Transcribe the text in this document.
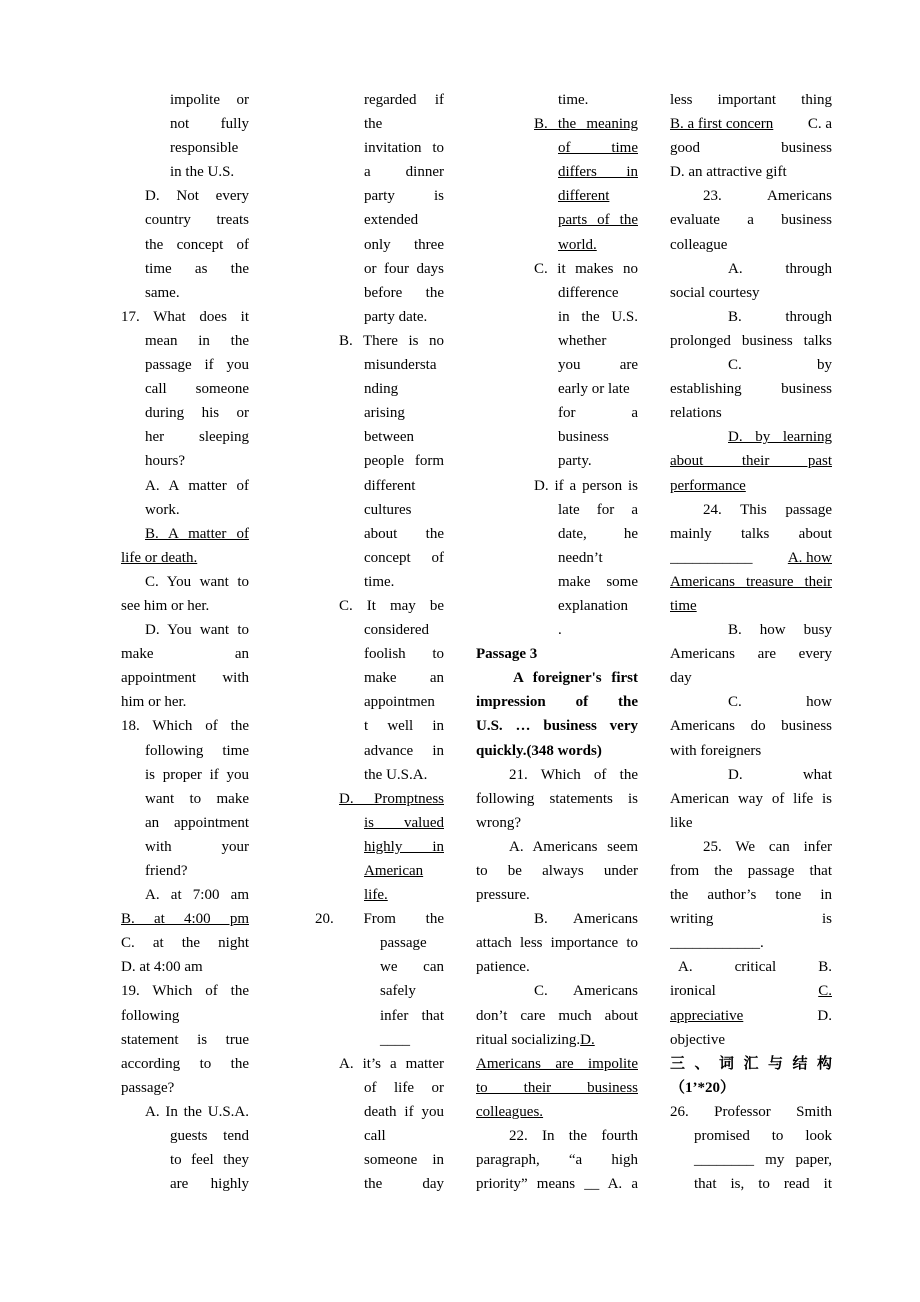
impolite or
not fully
responsible
in the U.S.
D. Not every
country treats
the concept of
time as the
same.
17. What does it
mean in the
passage if you
call someone
during his or
her sleeping
hours?
A. A matter of
work.
B. A matter of
life or death.
C. You want to
see him or her.
D. You want to
make an
appointment with
him or her.
18. Which of the
following time
is proper if you
want to make
an appointment
with your
friend?
A. at 7:00 am
B. at 4:00 pm
C. at the night
D. at 4:00 am
19. Which of the
following
statement is true
according to the
passage?
A. In the U.S.A.
guests tend
to feel they
are highly
regarded if
the
invitation to
a dinner
party is
extended
only three
or four days
before the
party date.
B. There is no
misundersta
nding
arising
between
people form
different
cultures
about the
concept of
time.
C. It may be
considered
foolish to
make an
appointmen
t well in
advance in
the U.S.A.
D. Promptness
is valued
highly in
American
life.
20. From the
passage
we can
safely
infer that
____
A. it’s a matter
of life or
death if you
call
someone in
the day
time.
B. the meaning
of time
differs in
different
parts of the
world.
C. it makes no
difference
in the U.S.
whether
you are
early or late
for a
business
party.
D. if a person is
late for a
date, he
needn’t
make some
explanation
.
Passage 3
A foreigner's first
impression of the
U.S. … business very
quickly.(348 words)
21. Which of the
following statements is
wrong?
A. Americans seem
to be always under
pressure.
B. Americans
attach less importance to
patience.
C. Americans
don’t care much about
ritual socializing. D.
Americans are impolite
to their business
colleagues.
22. In the fourth
paragraph, “a high
priority” means __ A. a
less important thing
B. a first concern C. a
good business
D. an attractive gift
23. Americans
evaluate a business
colleague
A. through
social courtesy
B. through
prolonged business talks
C. by
establishing business
relations
D. by learning
about their past
performance
24. This passage
mainly talks about
___________ A. how
Americans treasure their
time
B. how busy
Americans are every
day
C. how
Americans do business
with foreigners
D. what
American way of life is
like
25. We can infer
from the passage that
the author’s tone in
writing is
____________.
A. critical B.
ironical	C.
appreciative	D.
objective
三、词汇与结构
（1’*20）
26. Professor Smith
promised to look
________ my paper,
that is, to read it
